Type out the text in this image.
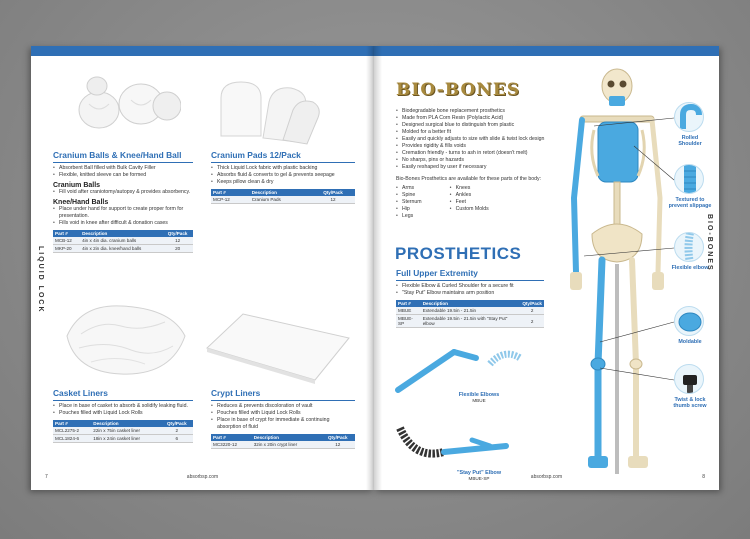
LIQUID LOCK
Cranium Balls & Knee/Hand Ball
• Absorbent Ball filled with Bulk Cavity Filler
• Flexible, knitted sleeve can be formed
Cranium Balls
• Fill void after craniotomy/autopsy & provides absorbency.
Knee/Hand Balls
• Place under hand for support to create proper form for presentation.
• Fills void in knee after difficult & donation cases
Part #	Description	Qty/Pack
MCB-12	4in x 4in dia. cranium balls	12
MKP-20	4in x 2in dia. knee/hand balls	20
Cranium Pads 12/Pack
• Thick Liquid Lock fabric with plastic backing
• Absorbs fluid & converts to gel & prevents seepage
• Keeps pillow clean & dry
Part #	Description	Qty/Pack
MCP-12	Cranium Pads	12
Casket Liners
• Place in base of casket to absorb & solidify leaking fluid.
• Pouches filled with Liquid Lock Rolls
Part #	Description	Qty/Pack
MCL2275-2	22in x 75in casket liner	2
MCL1824-6	18in x 24in casket liner	6
Crypt Liners
• Reduces & prevents discoloration of vault
• Pouches filled with Liquid Lock Rolls
• Place in base of crypt for immediate & continuing absorption of fluid
Part #	Description	Qty/Pack
MC3220-12	32in x 20in crypt liner	12
7	absorbsp.com
BIO-BONES
BIO-BONES
• Biodegradable bone replacement prosthetics
• Made from PLA Corn Resin (Polylactic Acid)
• Designed surgical blue to distinguish from plastic
• Molded for a better fit
• Easily and quickly adjusts to size with slide & twist lock design
• Provides rigidity & fills voids
• Cremation friendly - turns to ash in retort (doesn't melt)
• No sharps, pins or hazards
• Easily reshaped by user if necessary
Bio-Bones Prosthetics are available for these parts of the body:
• Arms
• Spine
• Sternum
• Hip
• Legs
• Knees
• Ankles
• Feet
• Custom Molds
PROSTHETICS
Full Upper Extremity
• Flexible Elbow & Curled Shoulder for a secure fit
• "Stay Put" Elbow maintains arm position
Part #	Description	Qty/Pack
MBUE	Extendable 19.5in - 21.5in	2
MBUE-SP	Extendable 19.5in - 21.5in with "Stay Put" elbow	2
Flexible Elbows
MBUE
"Stay Put" Elbow
MBUE-SP
Rolled Shoulder
Textured to prevent slippage
Flexible elbow
Moldable
Twist & lock thumb screw
absorbsp.com	8
